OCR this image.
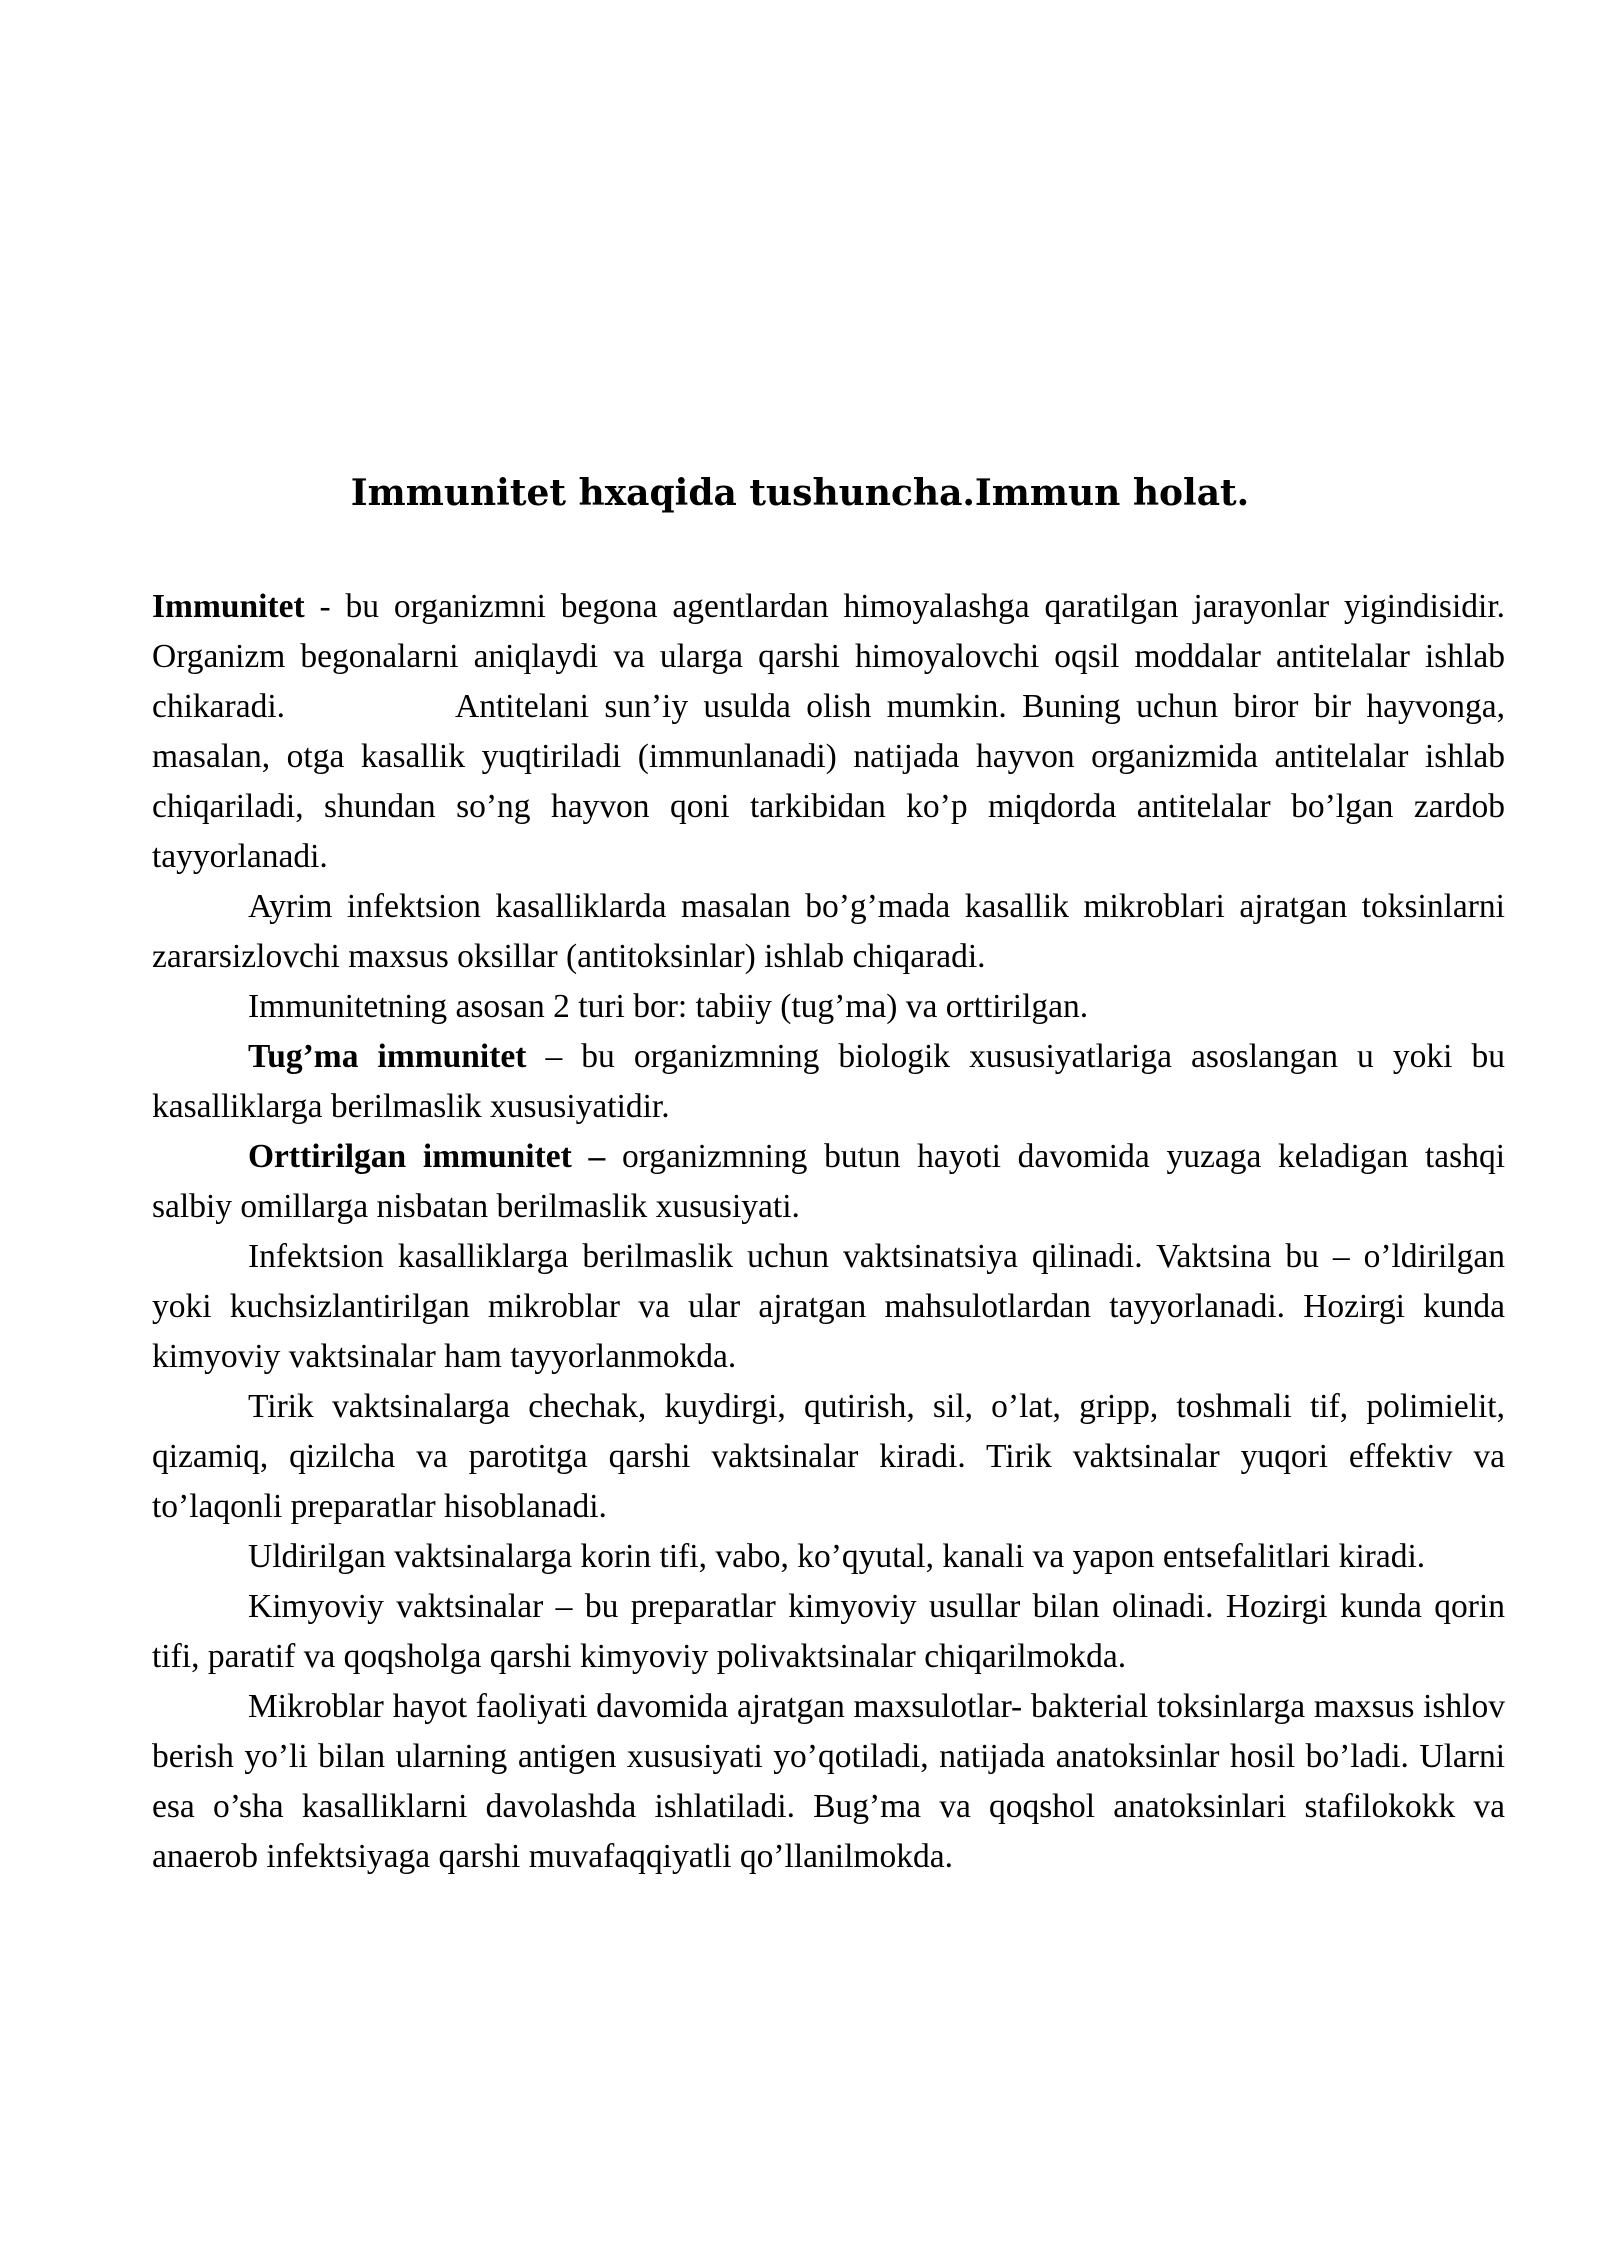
Immunitet hxaqida tushuncha.Immun holat.

Immunitet - bu organizmni begona agentlardan himoyalashga qaratilgan jarayonlar yigindisidir. Organizm begonalarni aniqlaydi va ularga qarshi himoyalovchi oqsil moddalar antitelalar ishlab chikaradi.	Antitelani sun’iy usulda olish mumkin. Buning uchun biror bir hayvonga, masalan, otga kasallik yuqtiriladi (immunlanadi) natijada hayvon organizmida antitelalar ishlab chiqariladi, shundan so’ng hayvon qoni tarkibidan ko’p miqdorda antitelalar bo’lgan zardob tayyorlanadi.

Ayrim infektsion kasalliklarda masalan bo’g’mada kasallik mikroblari ajratgan toksinlarni zararsizlovchi maxsus oksillar (antitoksinlar) ishlab chiqaradi.

Immunitetning asosan 2 turi bor: tabiiy (tug’ma) va orttirilgan.

Tug’ma immunitet – bu organizmning biologik xususiyatlariga asoslangan u yoki bu kasalliklarga berilmaslik xususiyatidir.

Orttirilgan immunitet – organizmning butun hayoti davomida yuzaga keladigan tashqi salbiy omillarga nisbatan berilmaslik xususiyati.

Infektsion kasalliklarga berilmaslik uchun vaktsinatsiya qilinadi. Vaktsina bu – o’ldirilgan yoki kuchsizlantirilgan mikroblar va ular ajratgan mahsulotlardan tayyorlanadi. Hozirgi kunda kimyoviy vaktsinalar ham tayyorlanmokda.

Tirik vaktsinalarga chechak, kuydirgi, qutirish, sil, o’lat, gripp, toshmali tif, polimielit, qizamiq, qizilcha va parotitga qarshi vaktsinalar kiradi. Tirik vaktsinalar yuqori effektiv va to’laqonli preparatlar hisoblanadi.

Uldirilgan vaktsinalarga korin tifi, vabo, ko’qyutal, kanali va yapon entsefalitlari kiradi.

Kimyoviy vaktsinalar – bu preparatlar kimyoviy usullar bilan olinadi. Hozirgi kunda qorin tifi, paratif va qoqsholga qarshi kimyoviy polivaktsinalar chiqarilmokda.

Mikroblar hayot faoliyati davomida ajratgan maxsulotlar- bakterial toksinlarga maxsus ishlov berish yo’li bilan ularning antigen xususiyati yo’qotiladi, natijada anatoksinlar hosil bo’ladi. Ularni esa o’sha kasalliklarni davolashda ishlatiladi. Bug’ma va qoqshol anatoksinlari stafilokokk va anaerob infektsiyaga qarshi muvafaqqiyatli qo’llanilmokda.
